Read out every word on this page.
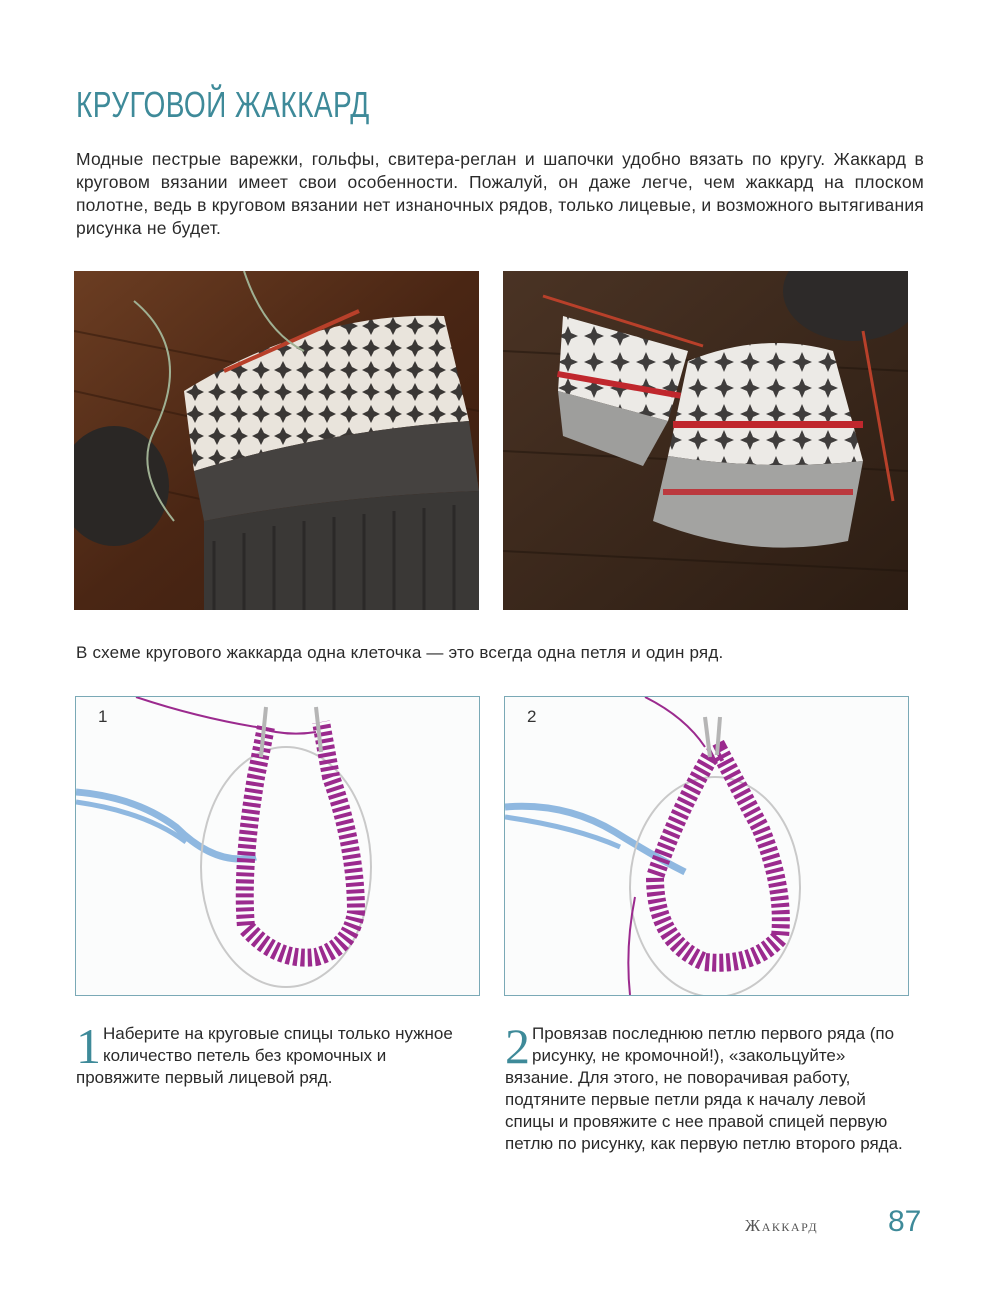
КРУГОВОЙ ЖАККАРД
Модные пестрые варежки, гольфы, свитера-реглан и шапочки удобно вязать по кругу. Жаккард в круговом вязании имеет свои особенности. Пожалуй, он даже легче, чем жаккард на плоском полотне, ведь в круговом вязании нет изнаночных рядов, только лицевые, и возможного вытягивания рисунка не будет.
В схеме кругового жаккарда одна клеточка — это всегда одна петля и один ряд.
1	2
1 Наберите на круговые спицы только нужное количество петель без кромочных и провяжите первый лицевой ряд.
2 Провязав последнюю петлю первого ряда (по рисунку, не кромочной!), «закольцуйте» вязание. Для этого, не поворачивая работу, подтяните первые петли ряда к началу левой спицы и провяжите с нее правой спицей первую петлю по рисунку, как первую петлю второго ряда.
Жаккард 87
